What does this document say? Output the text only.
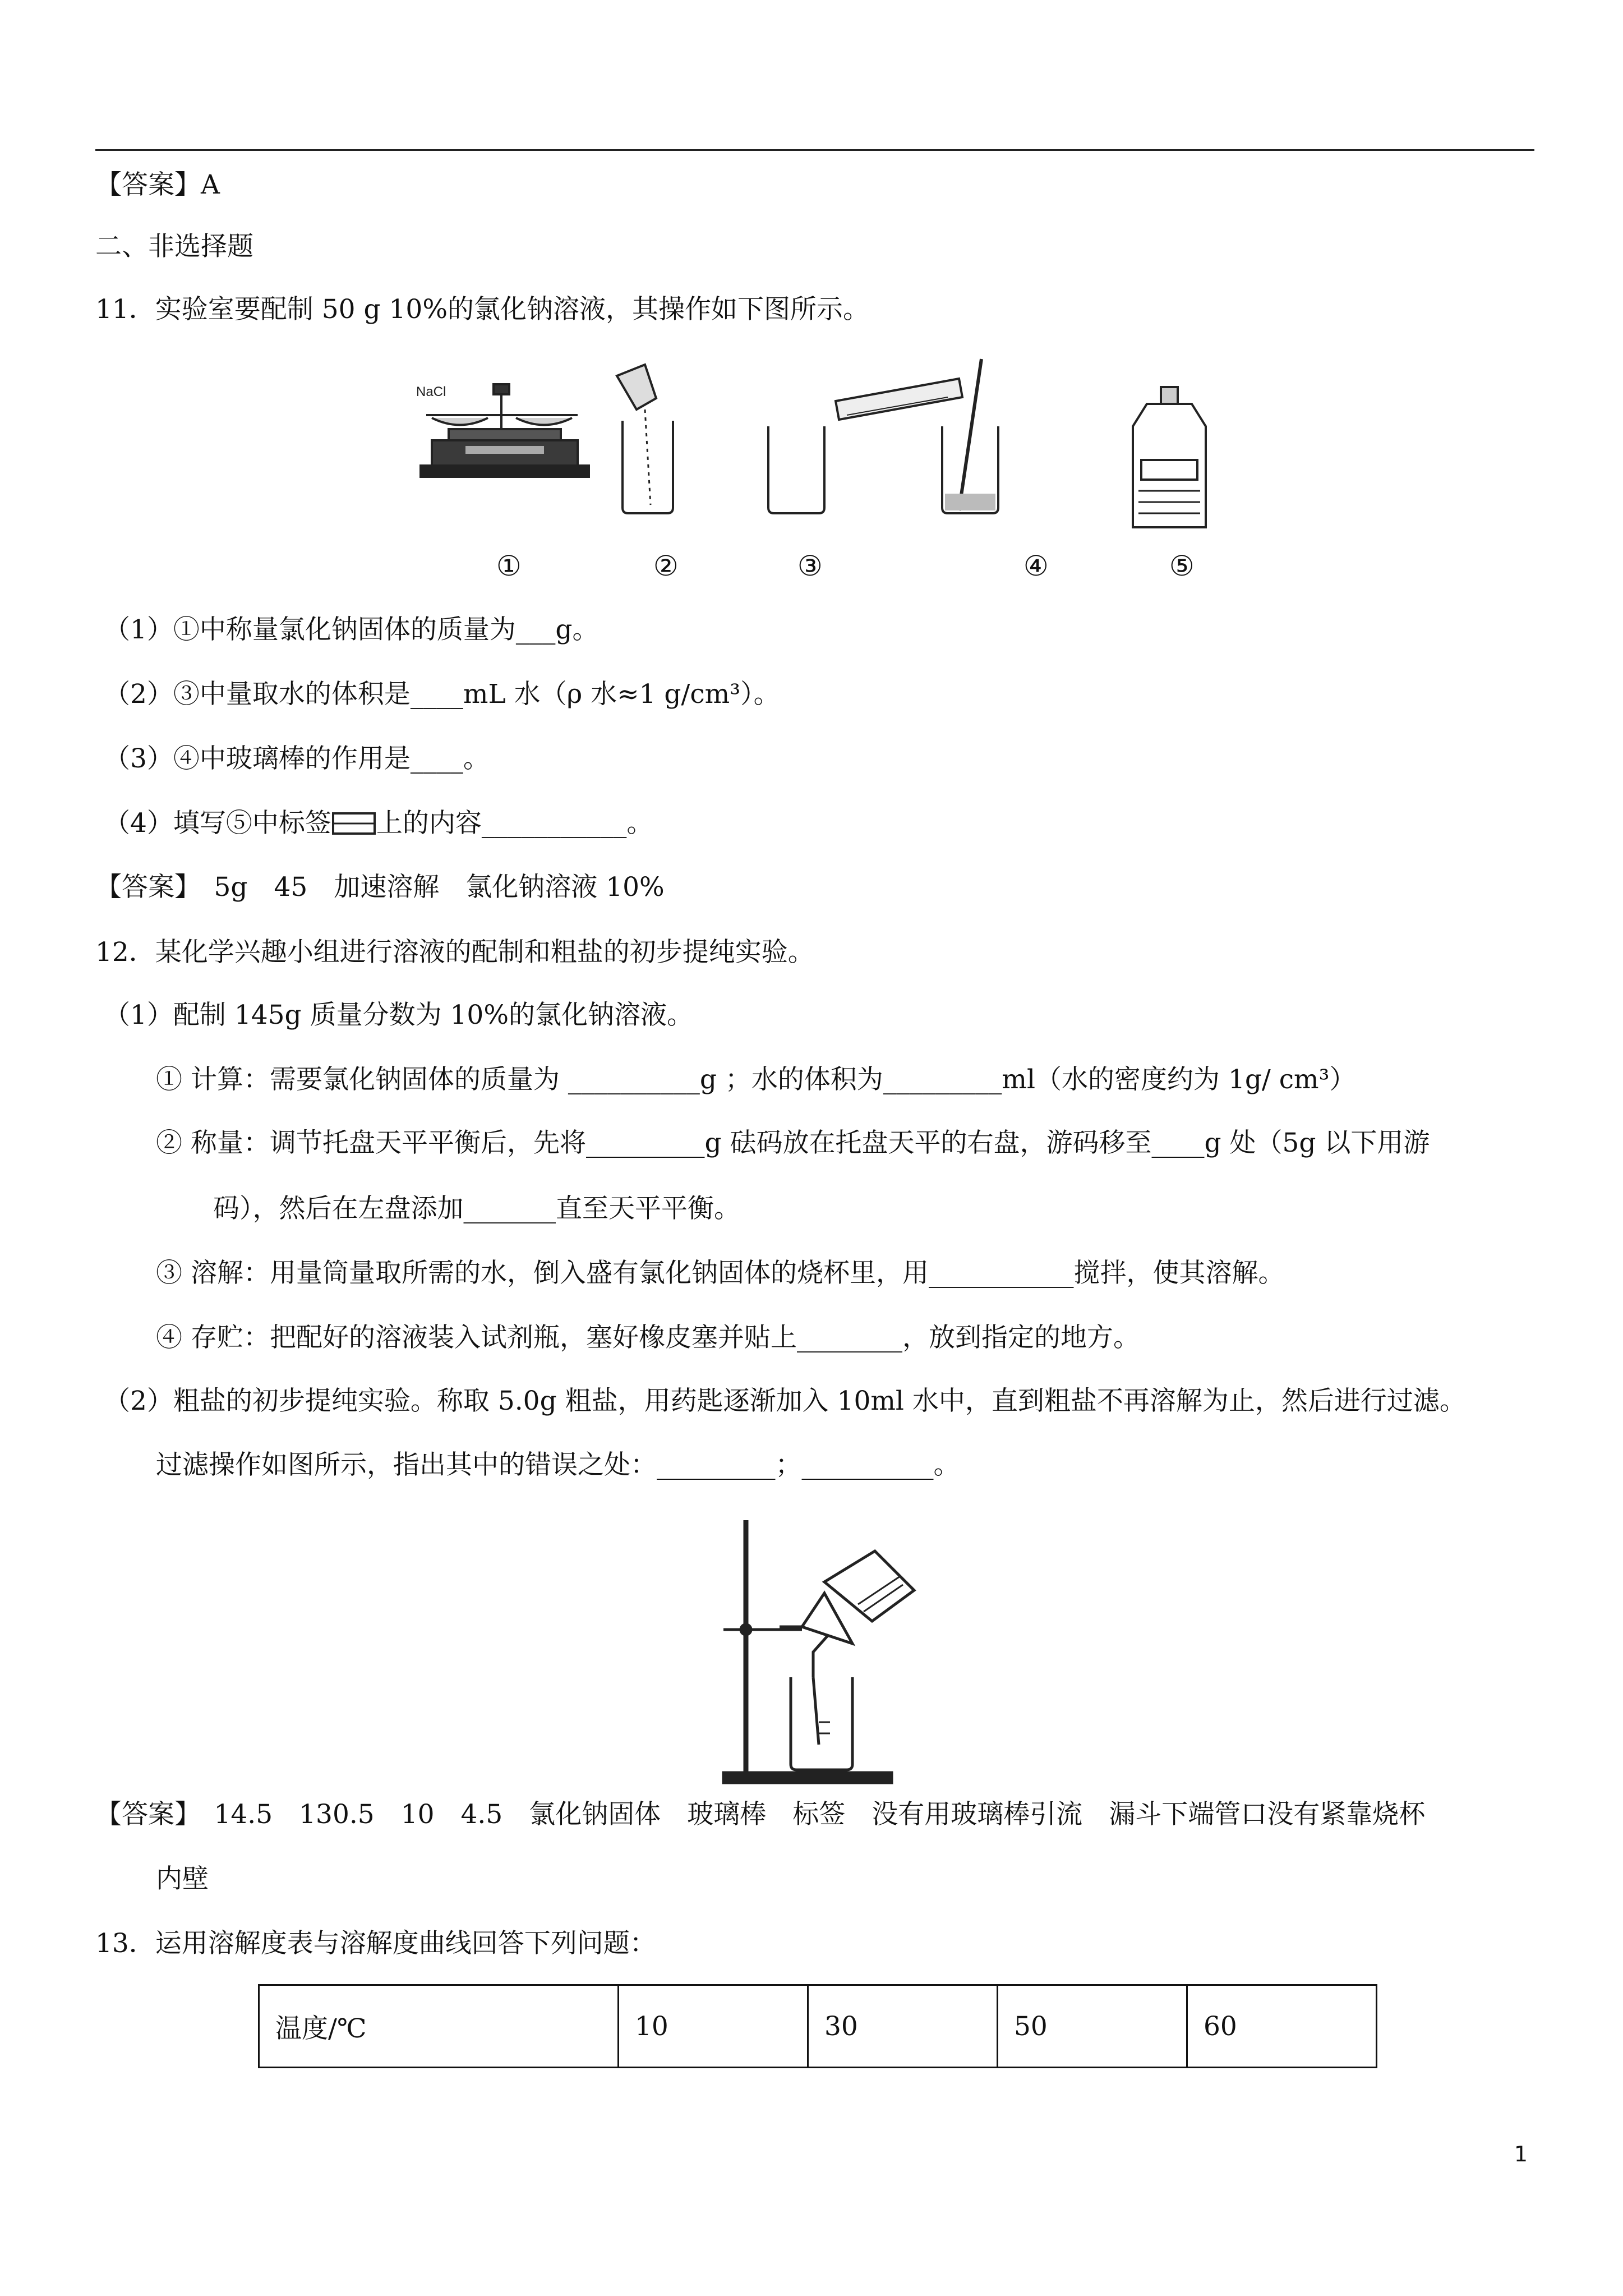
【答案】A
二、非选择题
11．实验室要配制 50 g 10%的氯化钠溶液，其操作如下图所示。
NaCl
①	②	③	④	⑤
（1）①中称量氯化钠固体的质量为___g。
（2）③中量取水的体积是____mL 水（ρ 水≈1 g/cm³）。
（3）④中玻璃棒的作用是____。
（4）填写⑤中标签 上的内容___________。
【答案】　5g　45　加速溶解　氯化钠溶液 10%
12．某化学兴趣小组进行溶液的配制和粗盐的初步提纯实验。
（1）配制 145g 质量分数为 10%的氯化钠溶液。
① 计算：需要氯化钠固体的质量为 __________g ；水的体积为_________ml（水的密度约为 1g/ cm³）
② 称量：调节托盘天平平衡后，先将_________g 砝码放在托盘天平的右盘，游码移至____g 处（5g 以下用游
码），然后在左盘添加_______直至天平平衡。
③ 溶解：用量筒量取所需的水，倒入盛有氯化钠固体的烧杯里，用___________搅拌，使其溶解。
④ 存贮：把配好的溶液装入试剂瓶，塞好橡皮塞并贴上________，放到指定的地方。
（2）粗盐的初步提纯实验。称取 5.0g 粗盐，用药匙逐渐加入 10ml 水中，直到粗盐不再溶解为止，然后进行过滤。
过滤操作如图所示，指出其中的错误之处：_________；__________。
【答案】　14.5　130.5　10　4.5　氯化钠固体　玻璃棒　标签　没有用玻璃棒引流　漏斗下端管口没有紧靠烧杯
内壁
13．运用溶解度表与溶解度曲线回答下列问题：
温度/℃	10	30	50	60
1
